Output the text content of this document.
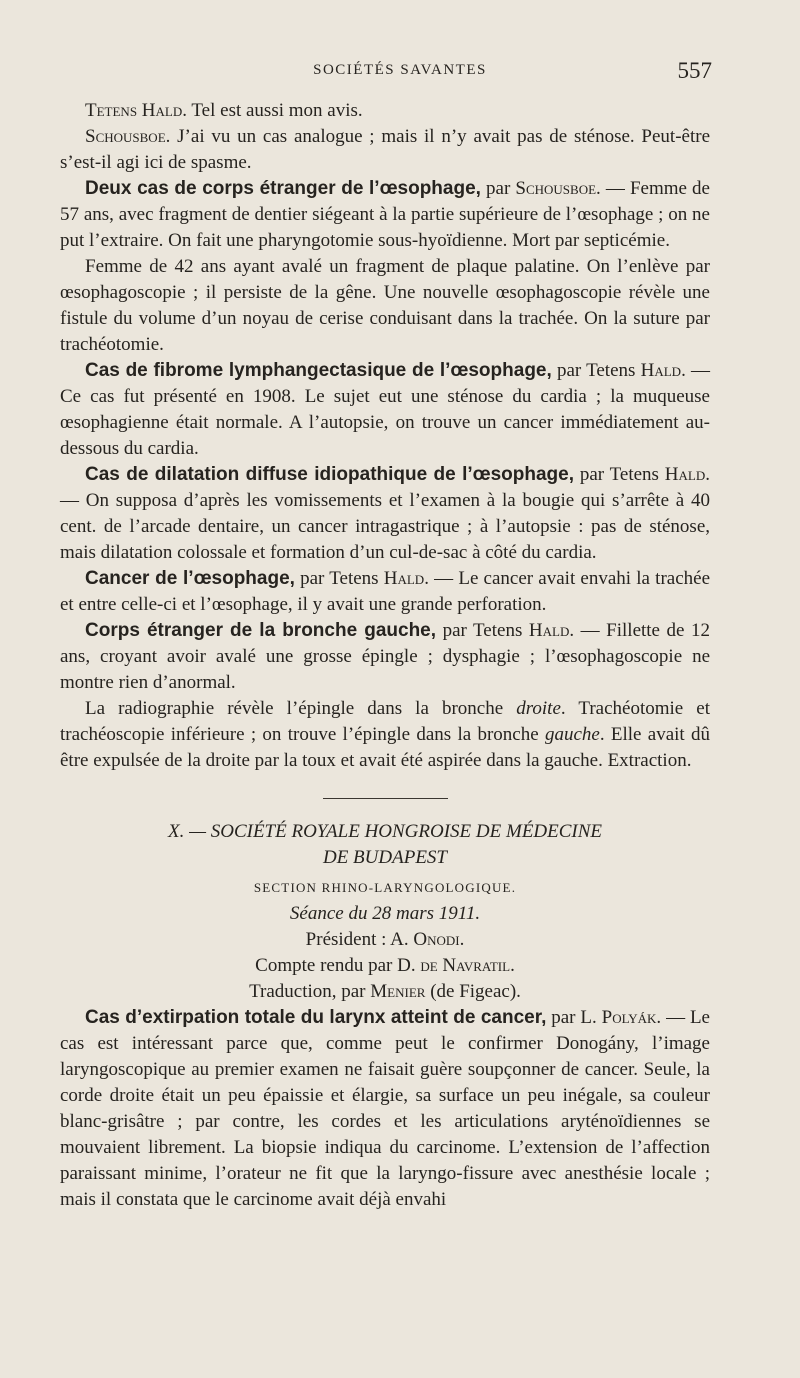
SOCIÉTÉS SAVANTES	557

Tetens Hald. Tel est aussi mon avis.

Schousboe. J’ai vu un cas analogue ; mais il n’y avait pas de sténose. Peut-être s’est-il agi ici de spasme.

Deux cas de corps étranger de l’œsophage, par Schousboe. — Femme de 57 ans, avec fragment de dentier siégeant à la partie supérieure de l’œsophage ; on ne put l’extraire. On fait une pharyngotomie sous-hyoïdienne. Mort par septicémie.

Femme de 42 ans ayant avalé un fragment de plaque palatine. On l’enlève par œsophagoscopie ; il persiste de la gêne. Une nouvelle œsophagoscopie révèle une fistule du volume d’un noyau de cerise conduisant dans la trachée. On la suture par trachéotomie.

Cas de fibrome lymphangectasique de l’œsophage, par Tetens Hald. — Ce cas fut présenté en 1908. Le sujet eut une sténose du cardia ; la muqueuse œsophagienne était normale. A l’autopsie, on trouve un cancer immédiatement au-dessous du cardia.

Cas de dilatation diffuse idiopathique de l’œsophage, par Tetens Hald. — On supposa d’après les vomissements et l’examen à la bougie qui s’arrête à 40 cent. de l’arcade dentaire, un cancer intragastrique ; à l’autopsie : pas de sténose, mais dilatation colossale et formation d’un cul-de-sac à côté du cardia.

Cancer de l’œsophage, par Tetens Hald. — Le cancer avait envahi la trachée et entre celle-ci et l’œsophage, il y avait une grande perforation.

Corps étranger de la bronche gauche, par Tetens Hald. — Fillette de 12 ans, croyant avoir avalé une grosse épingle ; dysphagie ; l’œsophagoscopie ne montre rien d’anormal.

La radiographie révèle l’épingle dans la bronche droite. Trachéotomie et trachéoscopie inférieure ; on trouve l’épingle dans la bronche gauche. Elle avait dû être expulsée de la droite par la toux et avait été aspirée dans la gauche. Extraction.

X. — SOCIÉTÉ ROYALE HONGROISE DE MÉDECINE
DE BUDAPEST
SECTION RHINO-LARYNGOLOGIQUE.
Séance du 28 mars 1911.
Président : A. Onodi.
Compte rendu par D. de Navratil.
Traduction, par Menier (de Figeac).

Cas d’extirpation totale du larynx atteint de cancer, par L. Polyák. — Le cas est intéressant parce que, comme peut le confirmer Donogány, l’image laryngoscopique au premier examen ne faisait guère soupçonner de cancer. Seule, la corde droite était un peu épaissie et élargie, sa surface un peu inégale, sa couleur blanc-grisâtre ; par contre, les cordes et les articulations aryténoïdiennes se mouvaient librement. La biopsie indiqua du carcinome. L’extension de l’affection paraissant minime, l’orateur ne fit que la laryngo-fissure avec anesthésie locale ; mais il constata que le carcinome avait déjà envahi
